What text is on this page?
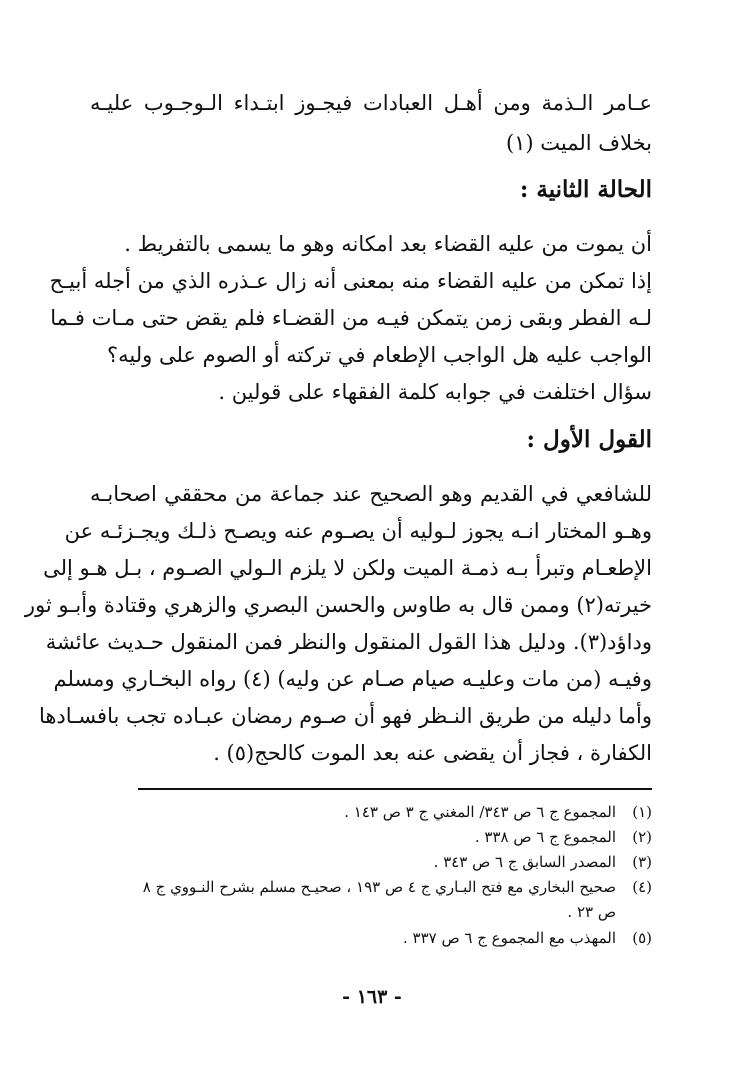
عـامر الـذمة ومن أهـل العبادات فيجـوز ابتـداء الـوجـوب عليـه
بخلاف الميت (١)
الحالة الثانية :
أن يموت من عليه القضاء بعد امكانه وهو ما يسمى بالتفريط .
إذا تمكن من عليه القضاء منه بمعنى أنه زال عـذره الذي من أجله أبيـح
لـه الفطر وبقى زمن يتمكن فيـه من القضـاء فلم يقض حتى مـات فـما
الواجب عليه هل الواجب الإطعام في تركته أو الصوم على وليه؟
سؤال اختلفت في جوابه كلمة الفقهاء على قولين .
القول الأول :
للشافعي في القديم وهو الصحيح عند جماعة من محققي اصحابـه
وهـو المختار انـه يجوز لـوليه أن يصـوم عنه ويصـح ذلـك ويجـزئـه عن
الإطعـام وتبرأ بـه ذمـة الميت ولكن لا يلزم الـولي الصـوم ، بـل هـو إلى
خيرته(٢) وممن قال به طاوس والحسن البصري والزهري وقتادة وأبـو ثور
وداؤد(٣). ودليل هذا القول المنقول والنظر فمن المنقول حـديث عائشة
وفيـه (من مات وعليـه صيام صـام عن وليه) (٤) رواه البخـاري ومسلم
وأما دليله من طريق النـظر فهو أن صـوم رمضان عبـاده تجب بافسـادها
الكفارة ، فجاز أن يقضى عنه بعد الموت كالحج(٥) .
(١)المجموع ج ٦ ص ٣٤٣/ المغني ج ٣ ص ١٤٣ .
(٢)المجموع ج ٦ ص ٣٣٨ .
(٣)المصدر السابق ج ٦ ص ٣٤٣ .
(٤)صحيح البخاري مع فتح البـاري ج ٤ ص ١٩٣ ، صحيـح مسلم بشرح النـووي ج ٨
ص ٢٣ .
(٥)المهذب مع المجموع ج ٦ ص ٣٣٧ .
- ١٦٣ -
